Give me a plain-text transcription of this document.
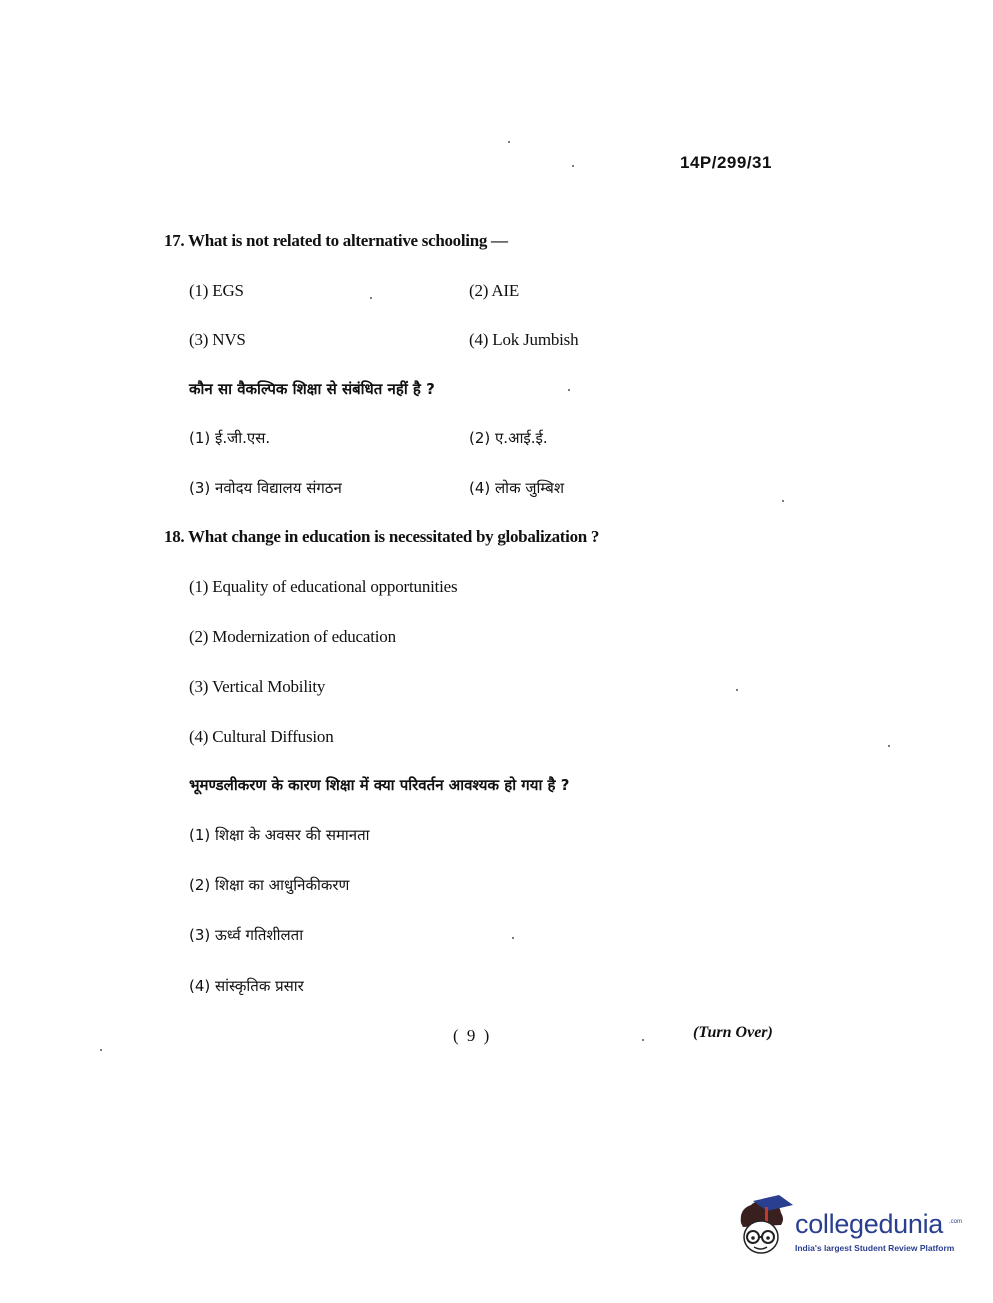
14P/299/31
17. What is not related to alternative schooling —
(1) EGS	(2) AIE
(3) NVS	(4) Lok Jumbish
कौन सा वैकल्पिक शिक्षा से संबंधित नहीं है ?
(1) ई.जी.एस.	(2) ए.आई.ई.
(3) नवोदय विद्यालय संगठन	(4) लोक जुम्बिश
18. What change in education is necessitated by globalization ?
(1) Equality of educational opportunities
(2) Modernization of education
(3) Vertical Mobility
(4) Cultural Diffusion
भूमण्डलीकरण के कारण शिक्षा में क्या परिवर्तन आवश्यक हो गया है ?
(1) शिक्षा के अवसर की समानता
(2) शिक्षा का आधुनिकीकरण
(3) ऊर्ध्व गतिशीलता
(4) सांस्कृतिक प्रसार
( 9 )	(Turn Over)
collegedunia .com
India's largest Student Review Platform
